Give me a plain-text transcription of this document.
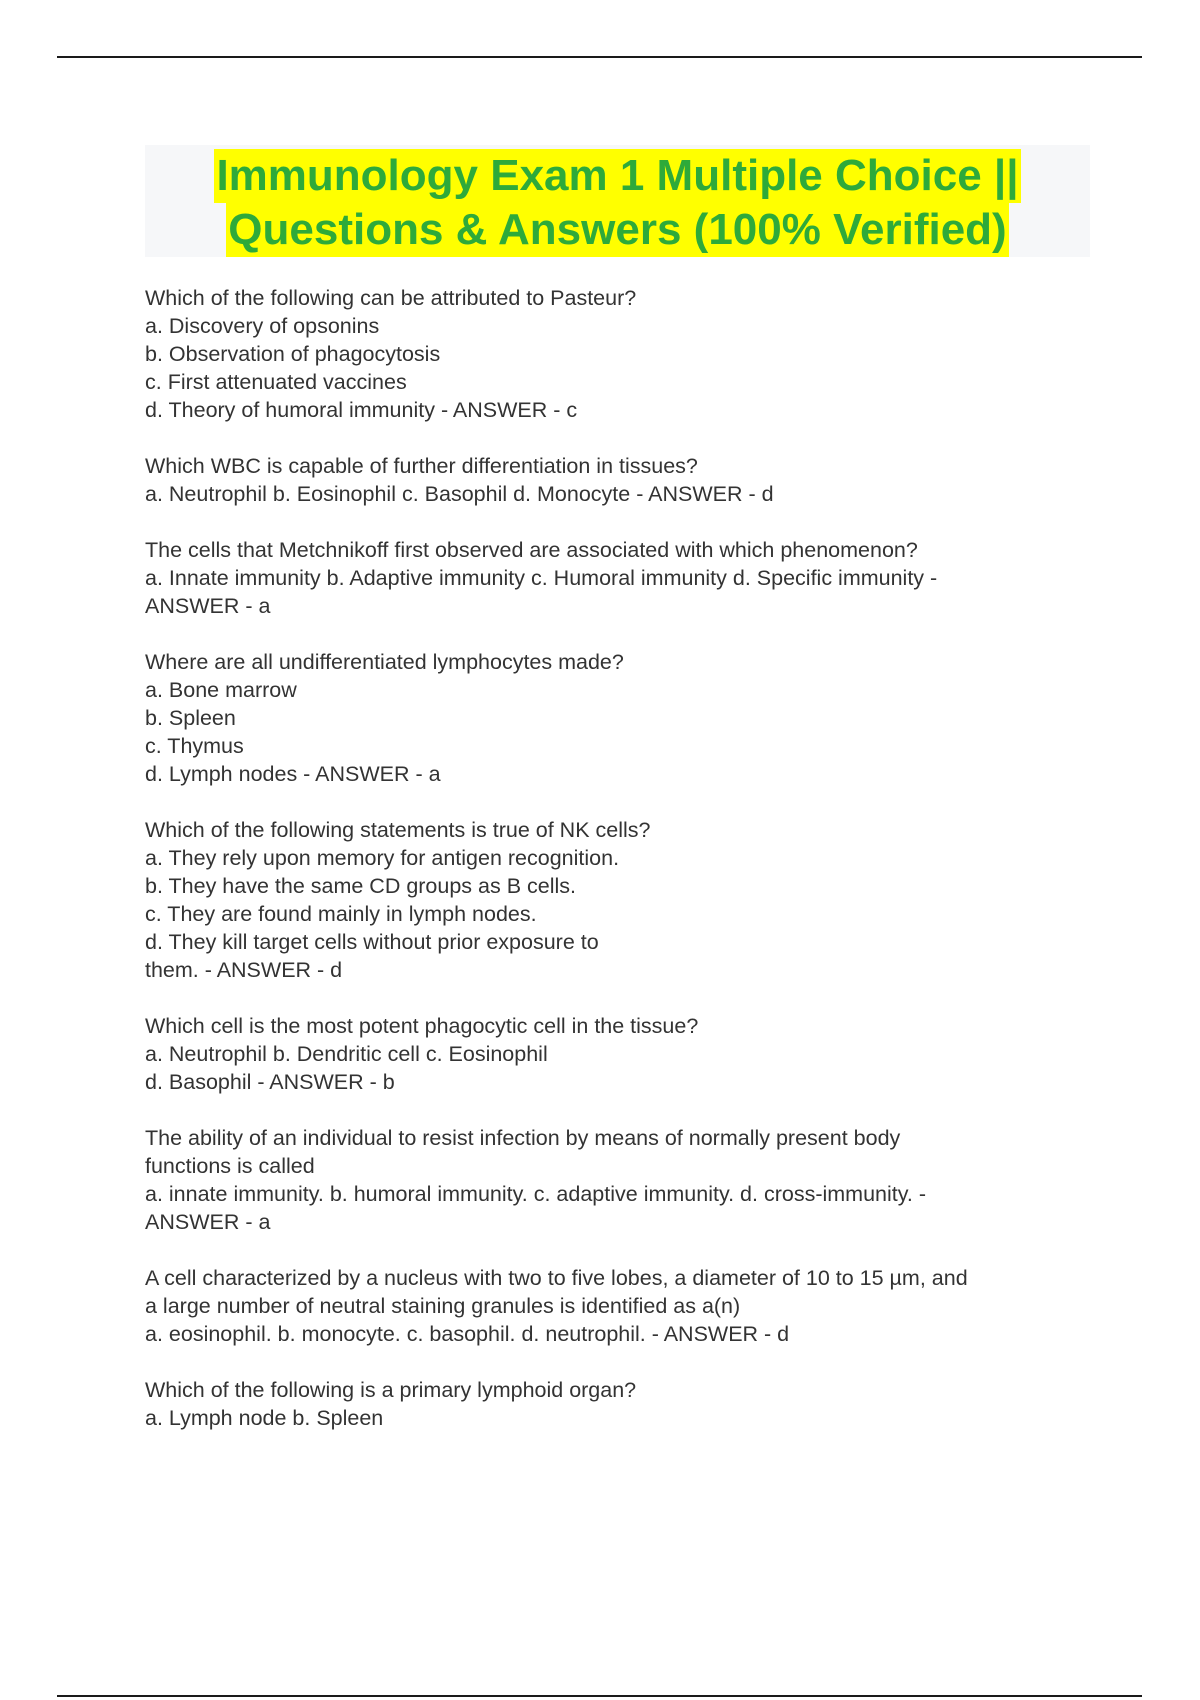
Immunology Exam 1 Multiple Choice ||
Questions & Answers (100% Verified)
Which of the following can be attributed to Pasteur?
a. Discovery of opsonins
b. Observation of phagocytosis
c. First attenuated vaccines
d. Theory of humoral immunity - ANSWER - c
Which WBC is capable of further differentiation in tissues?
a. Neutrophil b. Eosinophil c. Basophil d. Monocyte - ANSWER - d
The cells that Metchnikoff first observed are associated with which phenomenon?
a. Innate immunity b. Adaptive immunity c. Humoral immunity d. Specific immunity -
ANSWER - a
Where are all undifferentiated lymphocytes made?
a. Bone marrow
b. Spleen
c. Thymus
d. Lymph nodes - ANSWER - a
Which of the following statements is true of NK cells?
a. They rely upon memory for antigen recognition.
b. They have the same CD groups as B cells.
c. They are found mainly in lymph nodes.
d. They kill target cells without prior exposure to
them. - ANSWER - d
Which cell is the most potent phagocytic cell in the tissue?
a. Neutrophil b. Dendritic cell c. Eosinophil
d. Basophil - ANSWER - b
The ability of an individual to resist infection by means of normally present body
functions is called
a. innate immunity. b. humoral immunity. c. adaptive immunity. d. cross-immunity. -
ANSWER - a
A cell characterized by a nucleus with two to five lobes, a diameter of 10 to 15 µm, and
a large number of neutral staining granules is identified as a(n)
a. eosinophil. b. monocyte. c. basophil. d. neutrophil. - ANSWER - d
Which of the following is a primary lymphoid organ?
a. Lymph node b. Spleen
